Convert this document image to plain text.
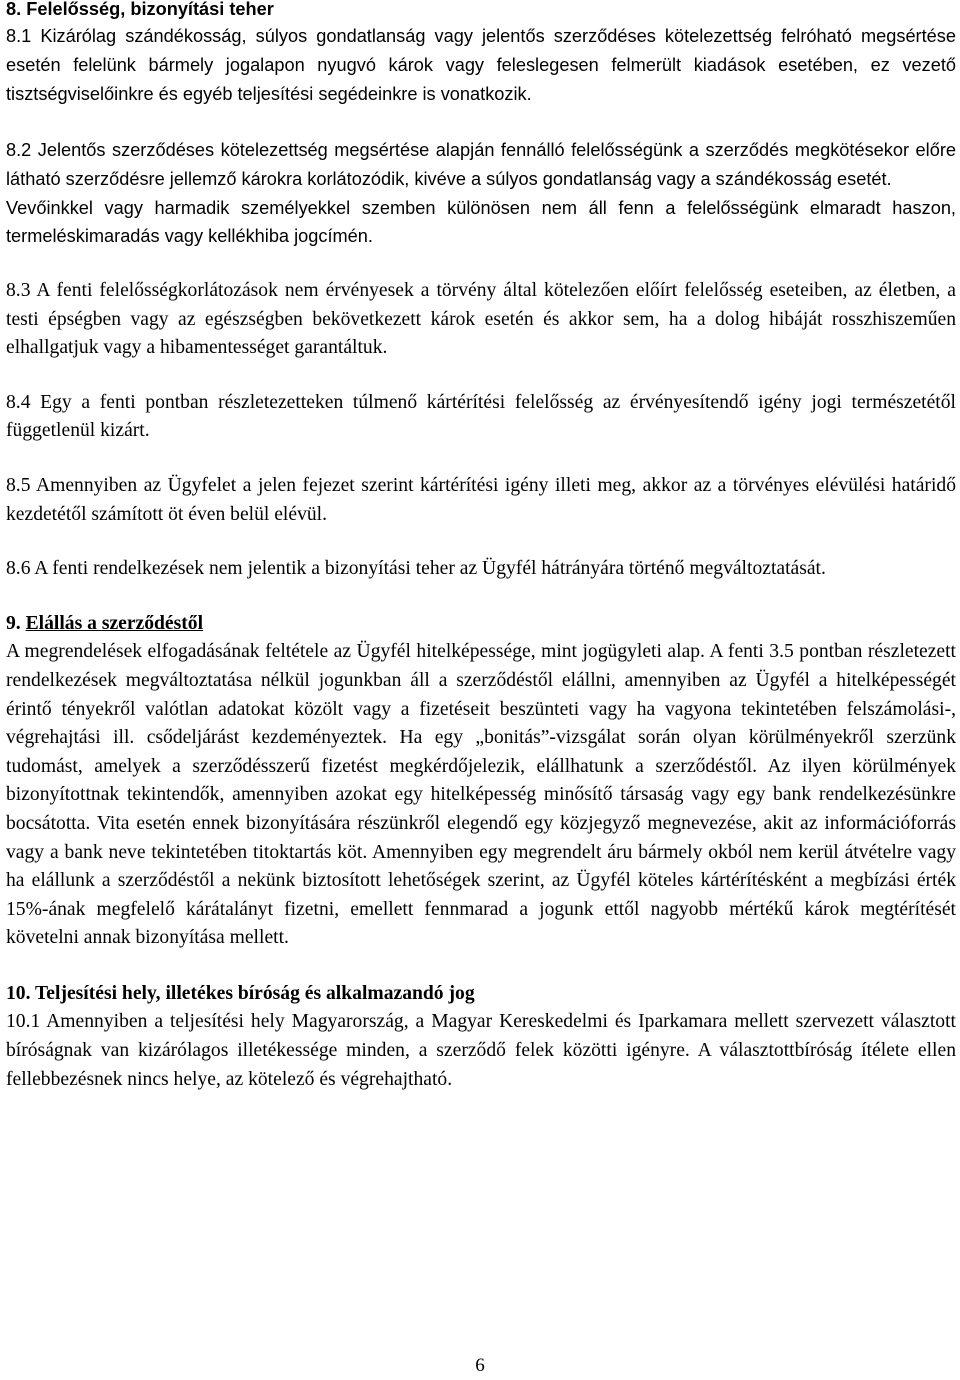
8. Felelősség, bizonyítási teher

8.1 Kizárólag szándékosság, súlyos gondatlanság vagy jelentős szerződéses kötelezettség felróható megsértése esetén felelünk bármely jogalapon nyugvó károk vagy feleslegesen felmerült kiadások esetében, ez vezető tisztségviselőinkre és egyéb teljesítési segédeinkre is vonatkozik.

8.2 Jelentős szerződéses kötelezettség megsértése alapján fennálló felelősségünk a szerződés megkötésekor előre látható szerződésre jellemző károkra korlátozódik, kivéve a súlyos gondatlanság vagy a szándékosság esetét.

Vevőinkkel vagy harmadik személyekkel szemben különösen nem áll fenn a felelősségünk elmaradt haszon, termeléskimaradás vagy kellékhiba jogcímén.

8.3 A fenti felelősségkorlátozások nem érvényesek a törvény által kötelezően előírt felelősség eseteiben, az életben, a testi épségben vagy az egészségben bekövetkezett károk esetén és akkor sem, ha a dolog hibáját rosszhiszeműen elhallgatjuk vagy a hibamentességet garantáltuk.

8.4 Egy a fenti pontban részletezetteken túlmenő kártérítési felelősség az érvényesítendő igény jogi természetétől függetlenül kizárt.

8.5 Amennyiben az Ügyfelet a jelen fejezet szerint kártérítési igény illeti meg, akkor az a törvényes elévülési határidő kezdetétől számított öt éven belül elévül.

8.6 A fenti rendelkezések nem jelentik a bizonyítási teher az Ügyfél hátrányára történő megváltoztatását.

9. Elállás a szerződéstől

A megrendelések elfogadásának feltétele az Ügyfél hitelképessége, mint jogügyleti alap. A fenti 3.5 pontban részletezett rendelkezések megváltoztatása nélkül jogunkban áll a szerződéstől elállni, amennyiben az Ügyfél a hitelképességét érintő tényekről valótlan adatokat közölt vagy a fizetéseit beszünteti vagy ha vagyona tekintetében felszámolási-, végrehajtási ill. csődeljárást kezdeményeztek. Ha egy „bonitás”-vizsgálat során olyan körülményekről szerzünk tudomást, amelyek a szerződésszerű fizetést megkérdőjelezik, elállhatunk a szerződéstől. Az ilyen körülmények bizonyítottnak tekintendők, amennyiben azokat egy hitelképesség minősítő társaság vagy egy bank rendelkezésünkre bocsátotta. Vita esetén ennek bizonyítására részünkről elegendő egy közjegyző megnevezése, akit az információforrás vagy a bank neve tekintetében titoktartás köt. Amennyiben egy megrendelt áru bármely okból nem kerül átvételre vagy ha elállunk a szerződéstől a nekünk biztosított lehetőségek szerint, az Ügyfél köteles kártérítésként a megbízási érték 15%-ának megfelelő kárátalányt fizetni, emellett fennmarad a jogunk ettől nagyobb mértékű károk megtérítését követelni annak bizonyítása mellett.

10. Teljesítési hely, illetékes bíróság és alkalmazandó jog

10.1 Amennyiben a teljesítési hely Magyarország, a Magyar Kereskedelmi és Iparkamara mellett szervezett választott bíróságnak van kizárólagos illetékessége minden, a szerződő felek közötti igényre. A választottbíróság ítélete ellen fellebbezésnek nincs helye, az kötelező és végrehajtható.

6
